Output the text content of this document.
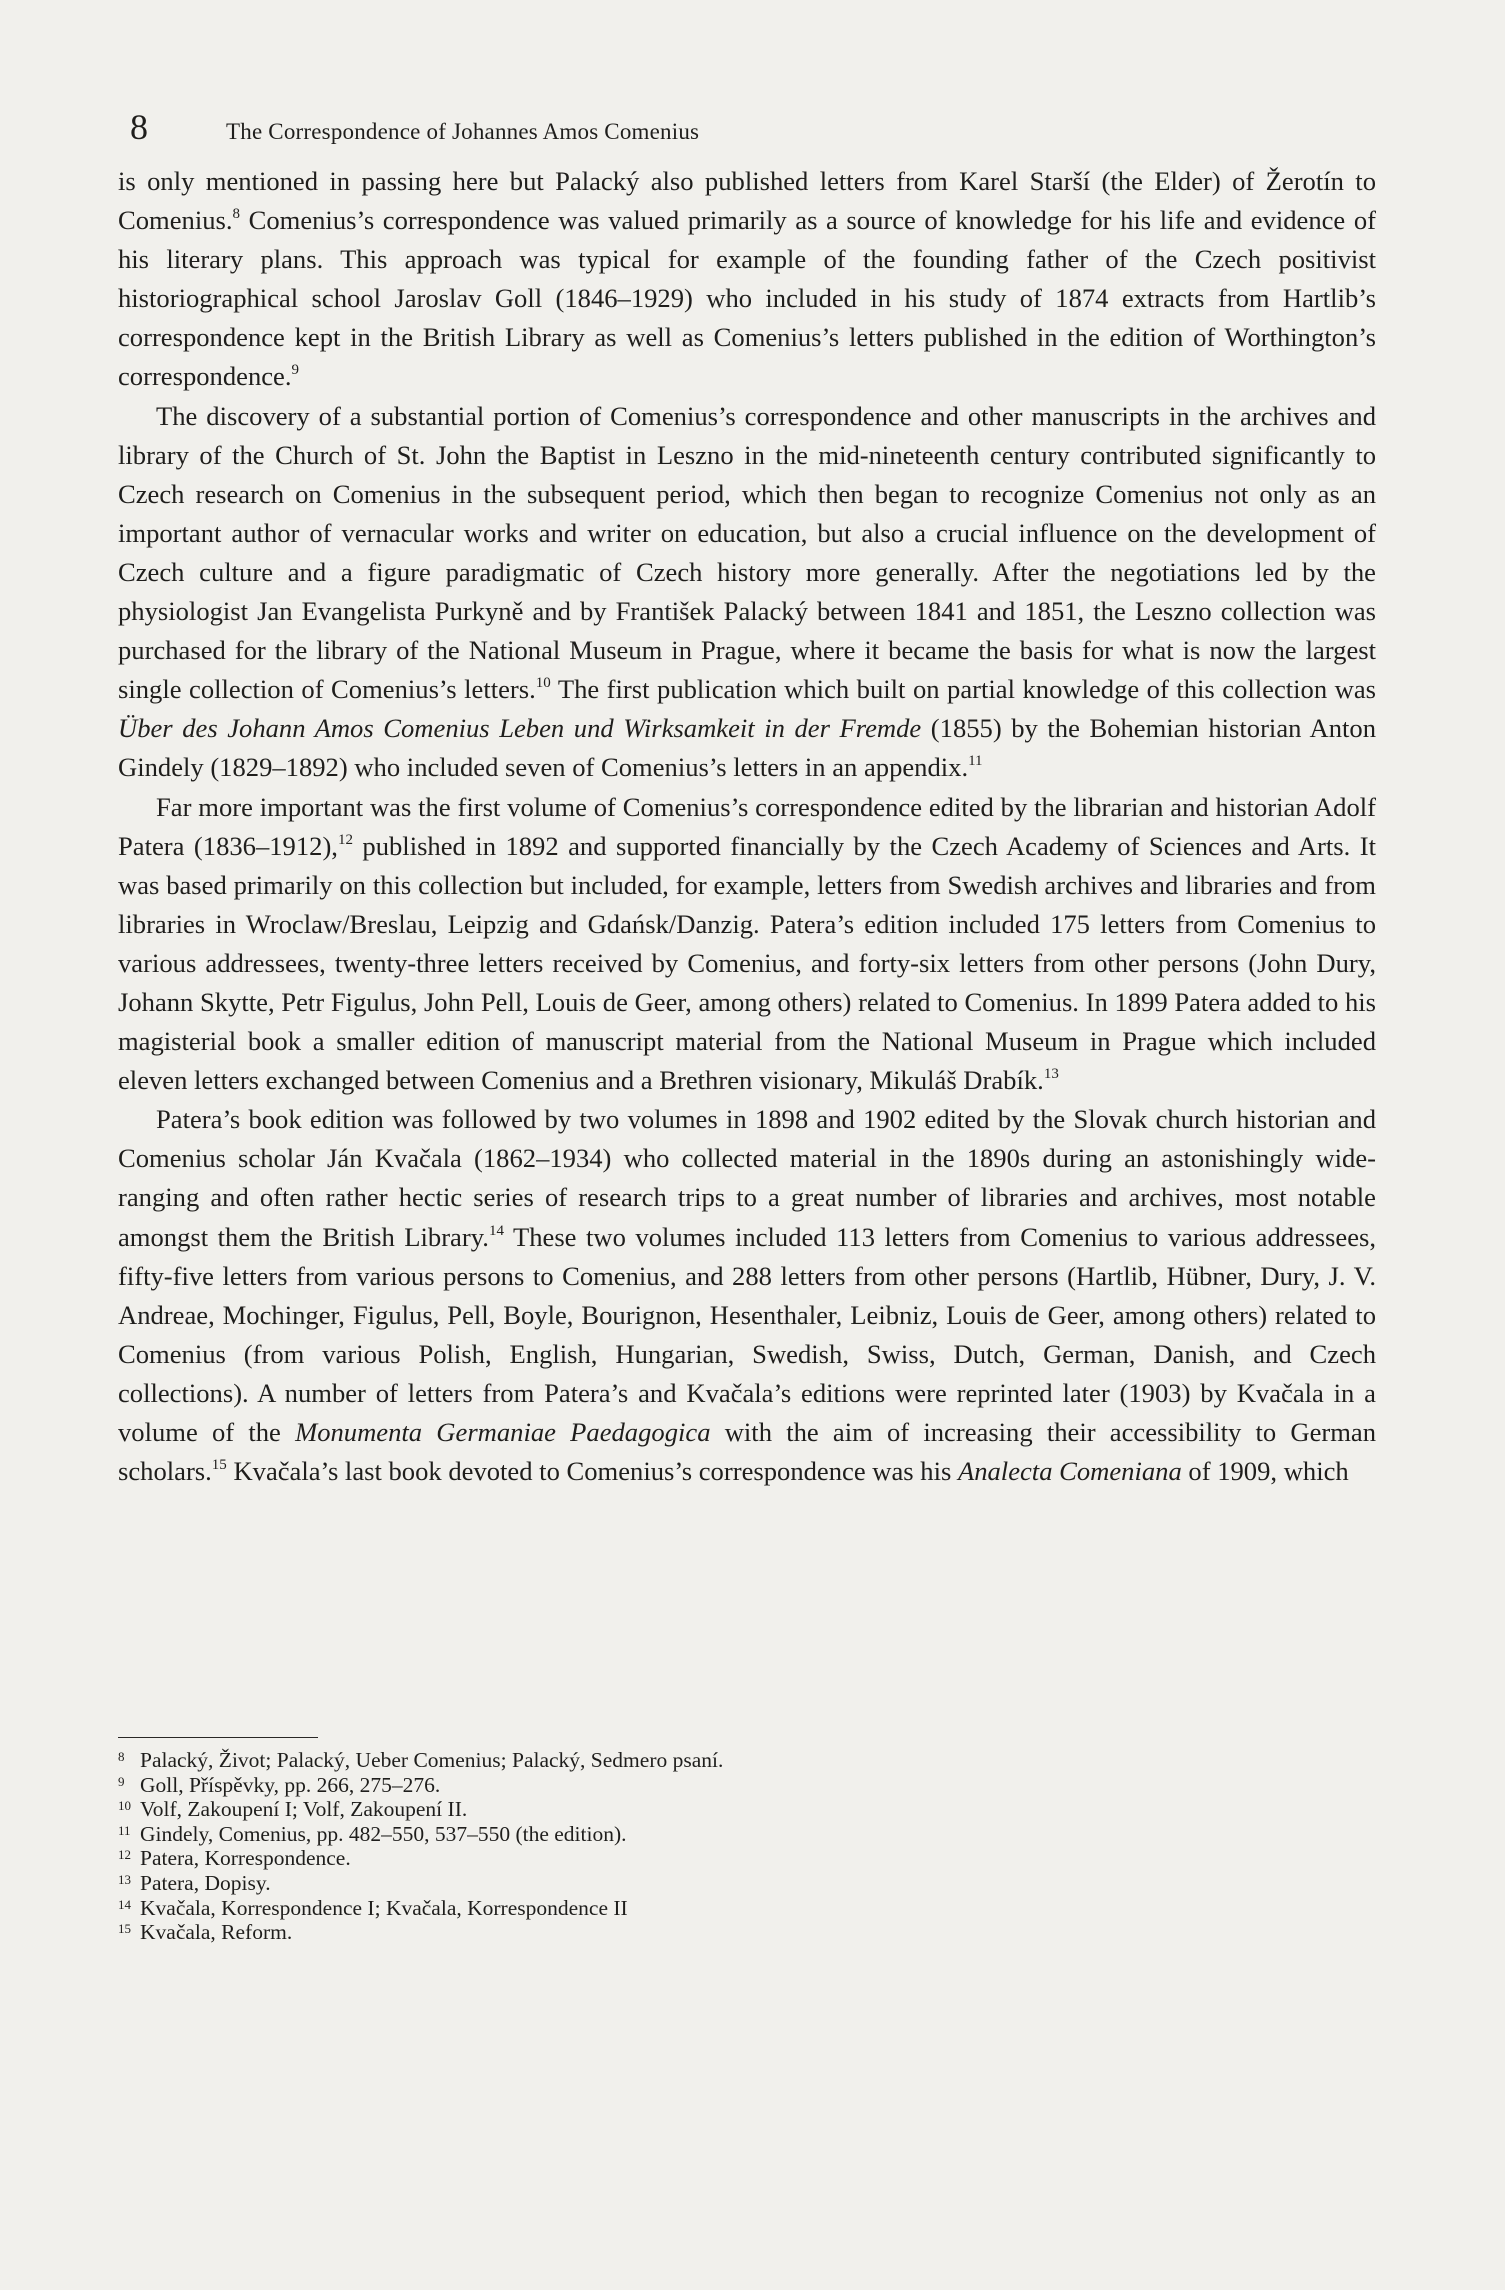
8	The Correspondence of Johannes Amos Comenius

is only mentioned in passing here but Palacký also published letters from Karel Starší (the Elder) of Žerotín to Comenius.$^8$ Comenius’s correspondence was valued primarily as a source of knowledge for his life and evidence of his literary plans. This approach was typical for example of the founding father of the Czech positivist historiographical school Jaroslav Goll (1846–1929) who included in his study of 1874 extracts from Hartlib’s correspondence kept in the British Library as well as Comenius’s letters published in the edition of Worthington’s correspondence.$^9$

The discovery of a substantial portion of Comenius’s correspondence and other manuscripts in the archives and library of the Church of St. John the Baptist in Leszno in the mid-nineteenth century contributed significantly to Czech research on Comenius in the subsequent period, which then began to recognize Comenius not only as an important author of vernacular works and writer on education, but also a crucial influence on the development of Czech culture and a figure paradigmatic of Czech history more generally. After the negotiations led by the physiologist Jan Evangelista Purkyně and by František Palacký between 1841 and 1851, the Leszno collection was purchased for the library of the National Museum in Prague, where it became the basis for what is now the largest single collection of Comenius’s letters.$^{10}$ The first publication which built on partial knowledge of this collection was Über des Johann Amos Comenius Leben und Wirksamkeit in der Fremde (1855) by the Bohemian historian Anton Gindely (1829–1892) who included seven of Comenius’s letters in an appendix.$^{11}$

Far more important was the first volume of Comenius’s correspondence edited by the librarian and historian Adolf Patera (1836–1912),$^{12}$ published in 1892 and supported financially by the Czech Academy of Sciences and Arts. It was based primarily on this collection but included, for example, letters from Swedish archives and libraries and from libraries in Wroclaw/Breslau, Leipzig and Gdańsk/Danzig. Patera’s edition included 175 letters from Comenius to various addressees, twenty-three letters received by Comenius, and forty-six letters from other persons (John Dury, Johann Skytte, Petr Figulus, John Pell, Louis de Geer, among others) related to Comenius. In 1899 Patera added to his magisterial book a smaller edition of manuscript material from the National Museum in Prague which included eleven letters exchanged between Comenius and a Brethren visionary, Mikuláš Drabík.$^{13}$

Patera’s book edition was followed by two volumes in 1898 and 1902 edited by the Slovak church historian and Comenius scholar Ján Kvačala (1862–1934) who collected material in the 1890s during an astonishingly wide-ranging and often rather hectic series of research trips to a great number of libraries and archives, most notable amongst them the British Library.$^{14}$ These two volumes included 113 letters from Comenius to various addressees, fifty-five letters from various persons to Comenius, and 288 letters from other persons (Hartlib, Hübner, Dury, J. V. Andreae, Mochinger, Figulus, Pell, Boyle, Bourignon, Hesenthaler, Leibniz, Louis de Geer, among others) related to Comenius (from various Polish, English, Hungarian, Swedish, Swiss, Dutch, German, Danish, and Czech collections). A number of letters from Patera’s and Kvačala’s editions were reprinted later (1903) by Kvačala in a volume of the Monumenta Germaniae Paedagogica with the aim of increasing their accessibility to German scholars.$^{15}$ Kvačala’s last book devoted to Comenius’s correspondence was his Analecta Comeniana of 1909, which

8 Palacký, Život; Palacký, Ueber Comenius; Palacký, Sedmero psaní.
9 Goll, Příspěvky, pp. 266, 275–276.
10 Volf, Zakoupení I; Volf, Zakoupení II.
11 Gindely, Comenius, pp. 482–550, 537–550 (the edition).
12 Patera, Korrespondence.
13 Patera, Dopisy.
14 Kvačala, Korrespondence I; Kvačala, Korrespondence II
15 Kvačala, Reform.
